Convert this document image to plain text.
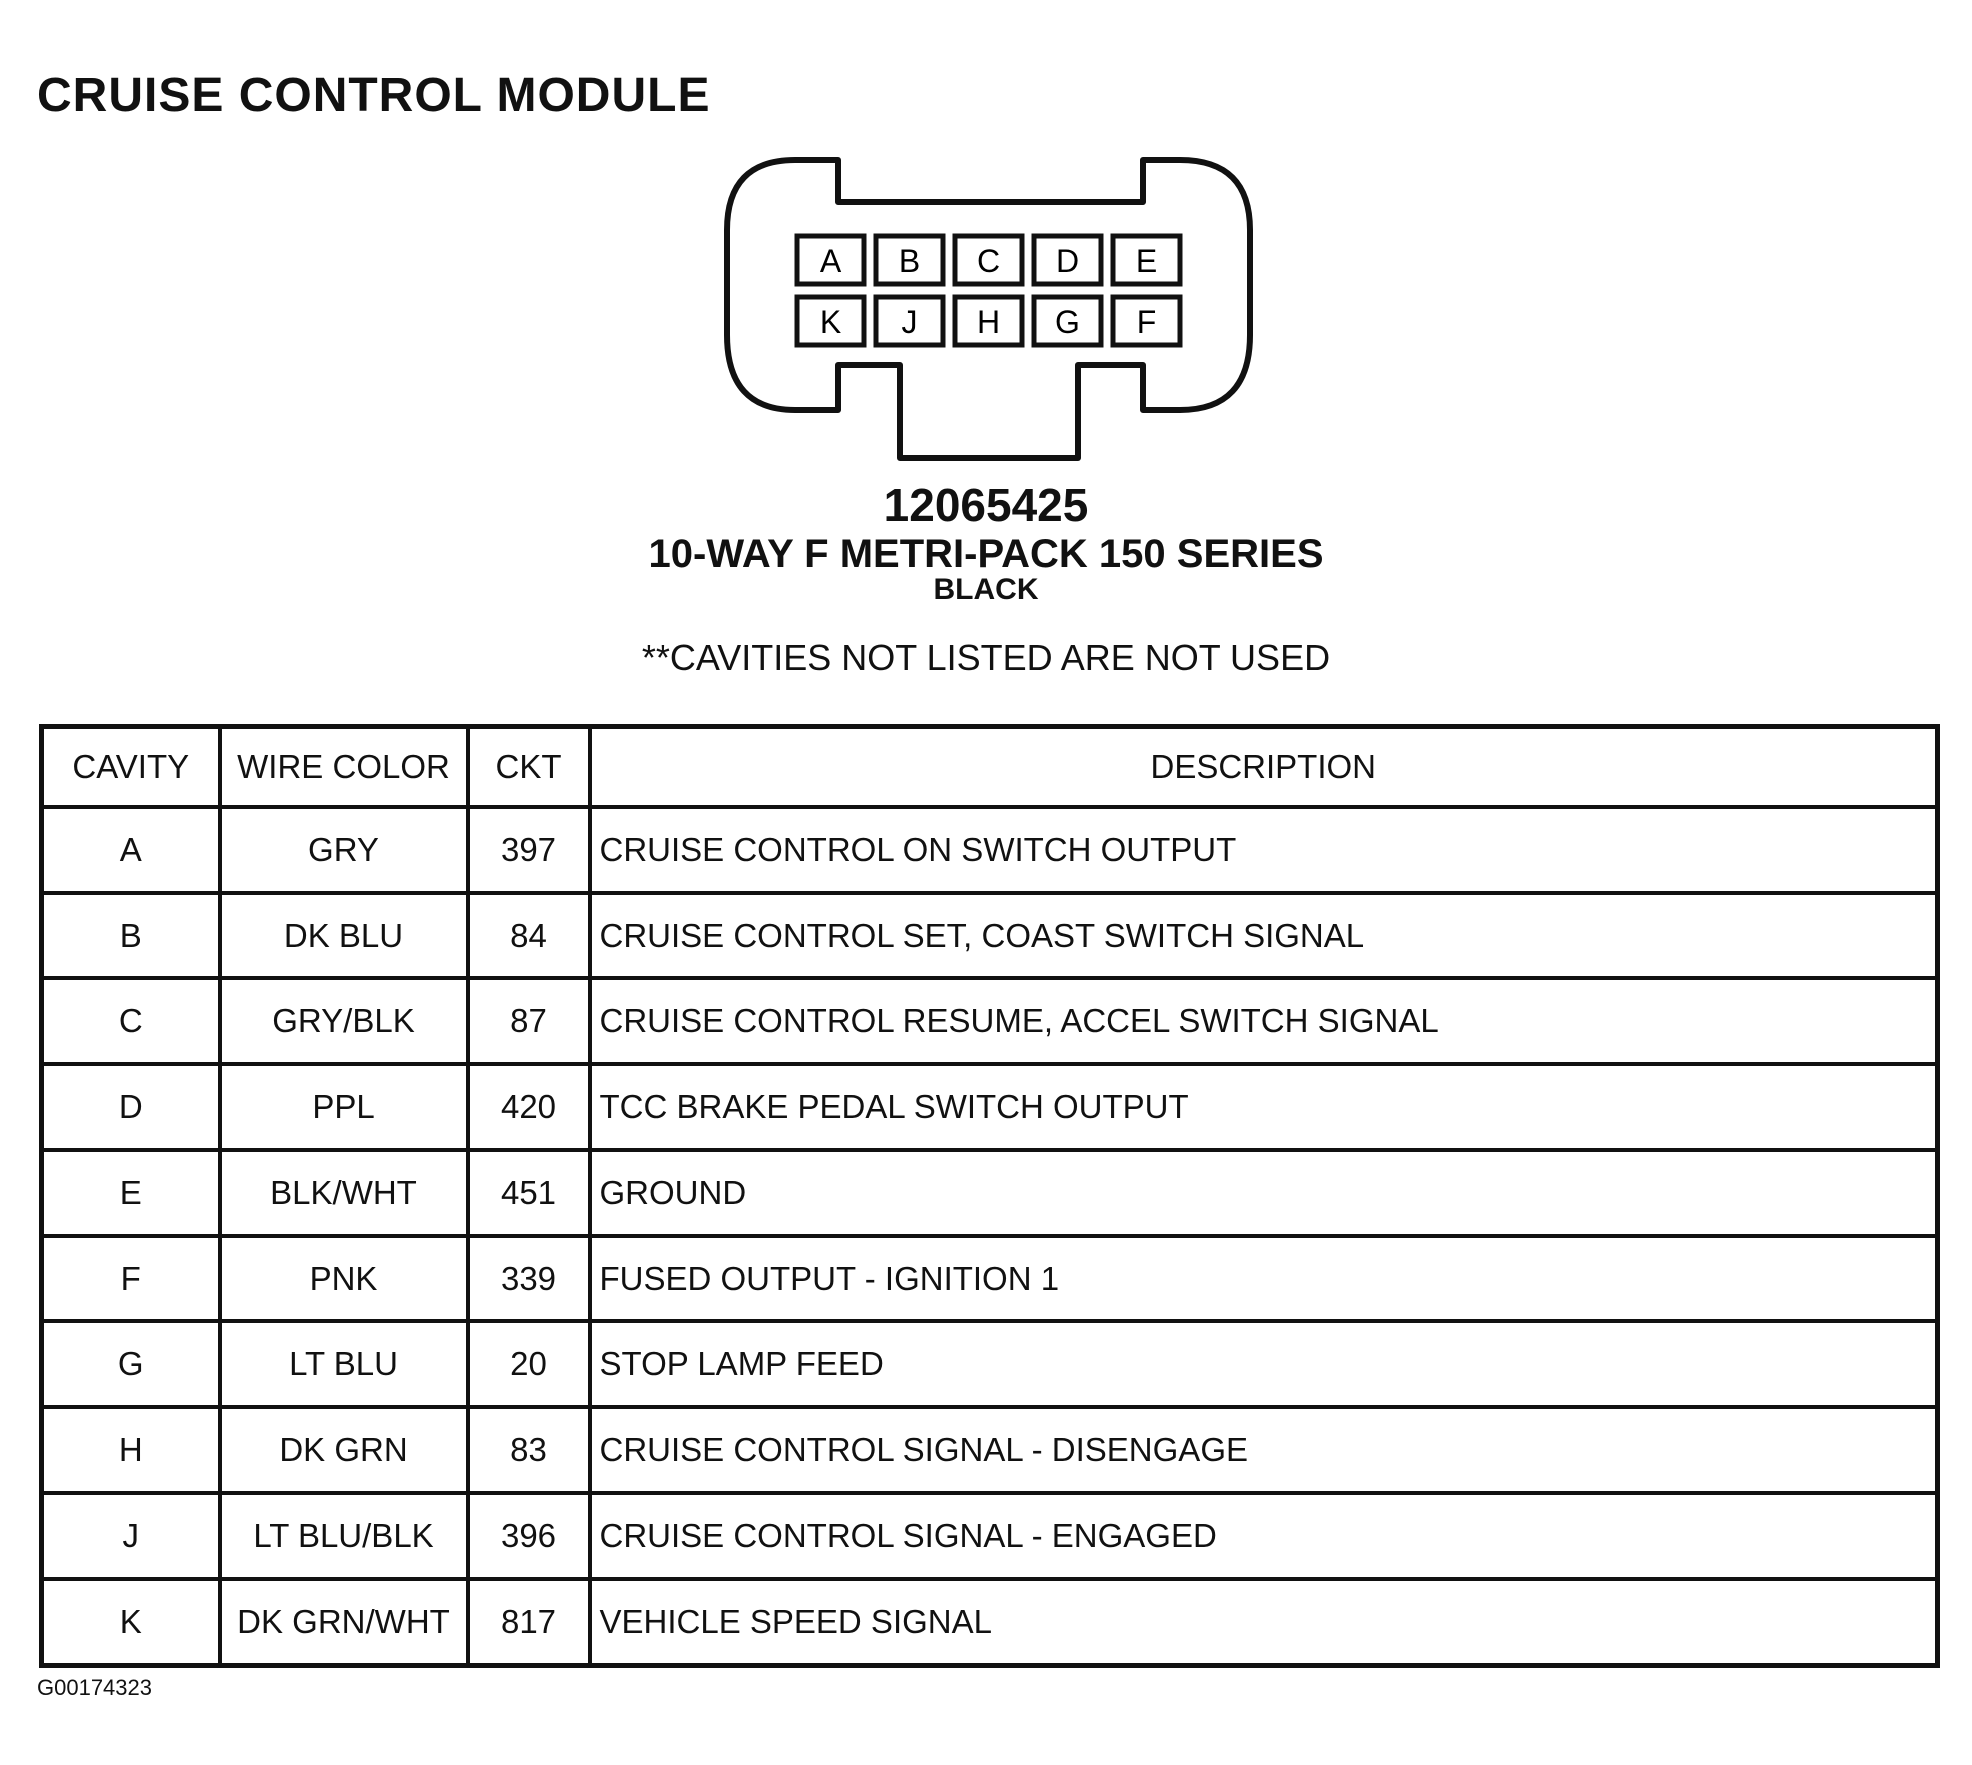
CRUISE CONTROL MODULE
A B C D E
K J H G F
12065425
10-WAY F METRI-PACK 150 SERIES
BLACK
**CAVITIES NOT LISTED ARE NOT USED
CAVITY	WIRE COLOR	CKT	DESCRIPTION
A	GRY	397	CRUISE CONTROL ON SWITCH OUTPUT
B	DK BLU	84	CRUISE CONTROL SET, COAST SWITCH SIGNAL
C	GRY/BLK	87	CRUISE CONTROL RESUME, ACCEL SWITCH SIGNAL
D	PPL	420	TCC BRAKE PEDAL SWITCH OUTPUT
E	BLK/WHT	451	GROUND
F	PNK	339	FUSED OUTPUT - IGNITION 1
G	LT BLU	20	STOP LAMP FEED
H	DK GRN	83	CRUISE CONTROL SIGNAL - DISENGAGE
J	LT BLU/BLK	396	CRUISE CONTROL SIGNAL - ENGAGED
K	DK GRN/WHT	817	VEHICLE SPEED SIGNAL
G00174323
